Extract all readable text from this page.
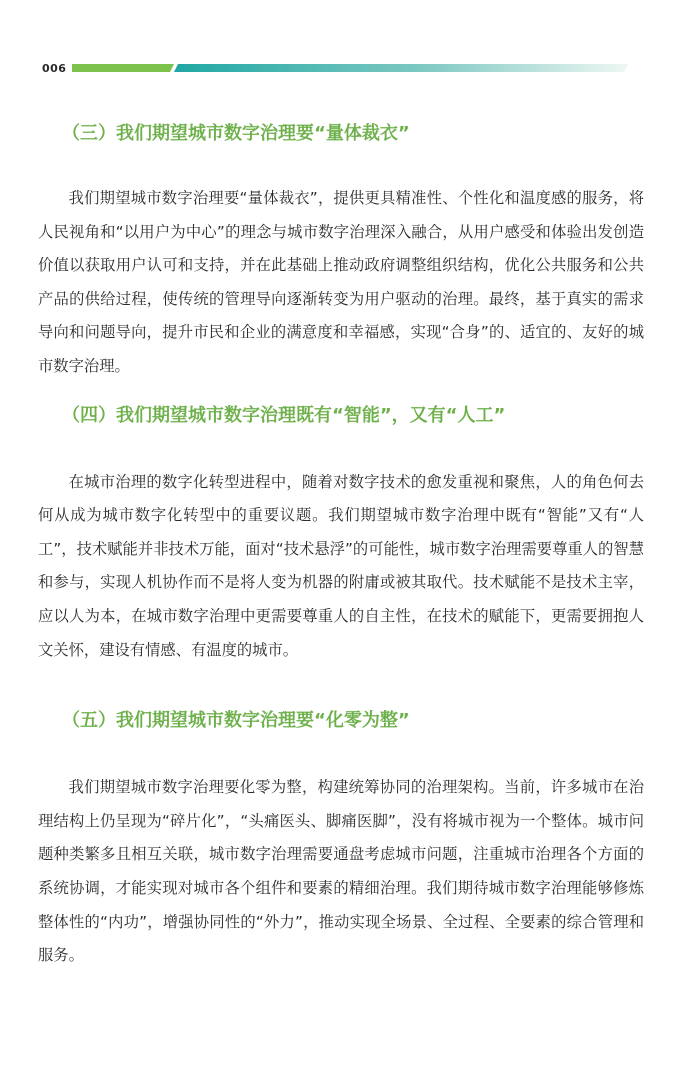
006
（三）我们期望城市数字治理要“量体裁衣”

我们期望城市数字治理要“量体裁衣”，提供更具精准性、个性化和温度感的服务，将人民视角和“以用户为中心”的理念与城市数字治理深入融合，从用户感受和体验出发创造价值以获取用户认可和支持，并在此基础上推动政府调整组织结构，优化公共服务和公共产品的供给过程，使传统的管理导向逐渐转变为用户驱动的治理。最终，基于真实的需求导向和问题导向，提升市民和企业的满意度和幸福感，实现“合身”的、适宜的、友好的城市数字治理。

（四）我们期望城市数字治理既有“智能”，又有“人工”

在城市治理的数字化转型进程中，随着对数字技术的愈发重视和聚焦，人的角色何去何从成为城市数字化转型中的重要议题。我们期望城市数字治理中既有“智能”又有“人工”，技术赋能并非技术万能，面对“技术悬浮”的可能性，城市数字治理需要尊重人的智慧和参与，实现人机协作而不是将人变为机器的附庸或被其取代。技术赋能不是技术主宰，应以人为本，在城市数字治理中更需要尊重人的自主性，在技术的赋能下，更需要拥抱人文关怀，建设有情感、有温度的城市。

（五）我们期望城市数字治理要“化零为整”

我们期望城市数字治理要化零为整，构建统筹协同的治理架构。当前，许多城市在治理结构上仍呈现为“碎片化”，“头痛医头、脚痛医脚”，没有将城市视为一个整体。城市问题种类繁多且相互关联，城市数字治理需要通盘考虑城市问题，注重城市治理各个方面的系统协调，才能实现对城市各个组件和要素的精细治理。我们期待城市数字治理能够修炼整体性的“内功”，增强协同性的“外力”，推动实现全场景、全过程、全要素的综合管理和服务。
